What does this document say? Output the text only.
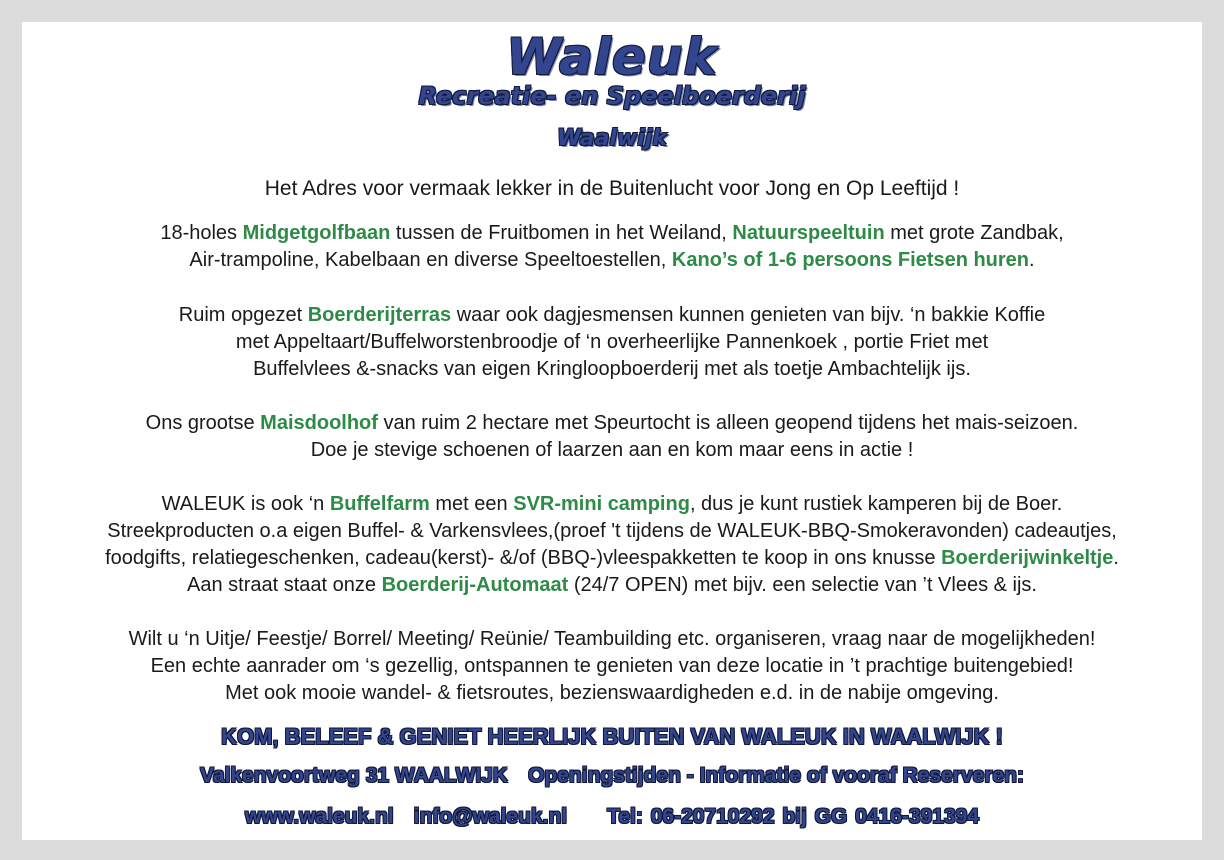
Waleuk
Recreatie- en Speelboerderij
Waalwijk
Het Adres voor vermaak lekker in de Buitenlucht voor Jong en Op Leeftijd !
18-holes Midgetgolfbaan tussen de Fruitbomen in het Weiland, Natuurspeeltuin met grote Zandbak,
Air-trampoline, Kabelbaan en diverse Speeltoestellen, Kano’s of 1-6 persoons Fietsen huren.
Ruim opgezet Boerderijterras waar ook dagjesmensen kunnen genieten van bijv. ‘n bakkie Koffie
met Appeltaart/Buffelworstenbroodje of ‘n overheerlijke Pannenkoek , portie Friet met
Buffelvlees &-snacks van eigen Kringloopboerderij met als toetje Ambachtelijk ijs.
Ons grootse Maisdoolhof van ruim 2 hectare met Speurtocht is alleen geopend tijdens het mais-seizoen.
Doe je stevige schoenen of laarzen aan en kom maar eens in actie !
WALEUK is ook ‘n Buffelfarm met een SVR-mini camping, dus je kunt rustiek kamperen bij de Boer.
Streekproducten o.a eigen Buffel- & Varkensvlees,(proef 't tijdens de WALEUK-BBQ-Smokeravonden) cadeautjes,
foodgifts, relatiegeschenken, cadeau(kerst)- &/of (BBQ-)vleespakketten te koop in ons knusse Boerderijwinkeltje.
Aan straat staat onze Boerderij-Automaat (24/7 OPEN) met bijv. een selectie van ’t Vlees & ijs.
Wilt u ‘n Uitje/ Feestje/ Borrel/ Meeting/ Reünie/ Teambuilding etc. organiseren, vraag naar de mogelijkheden!
Een echte aanrader om ‘s gezellig, ontspannen te genieten van deze locatie in ’t prachtige buitengebied!
Met ook mooie wandel- & fietsroutes, bezienswaardigheden e.d. in de nabije omgeving.
KOM, BELEEF & GENIET HEERLIJK BUITEN VAN WALEUK IN WAALWIJK !
Valkenvoortweg 31 WAALWIJK Openingstijden - Informatie of vooraf Reserveren:
www.waleuk.nl info@waleuk.nl Tel: 06-20710292 bij GG 0416-391394
